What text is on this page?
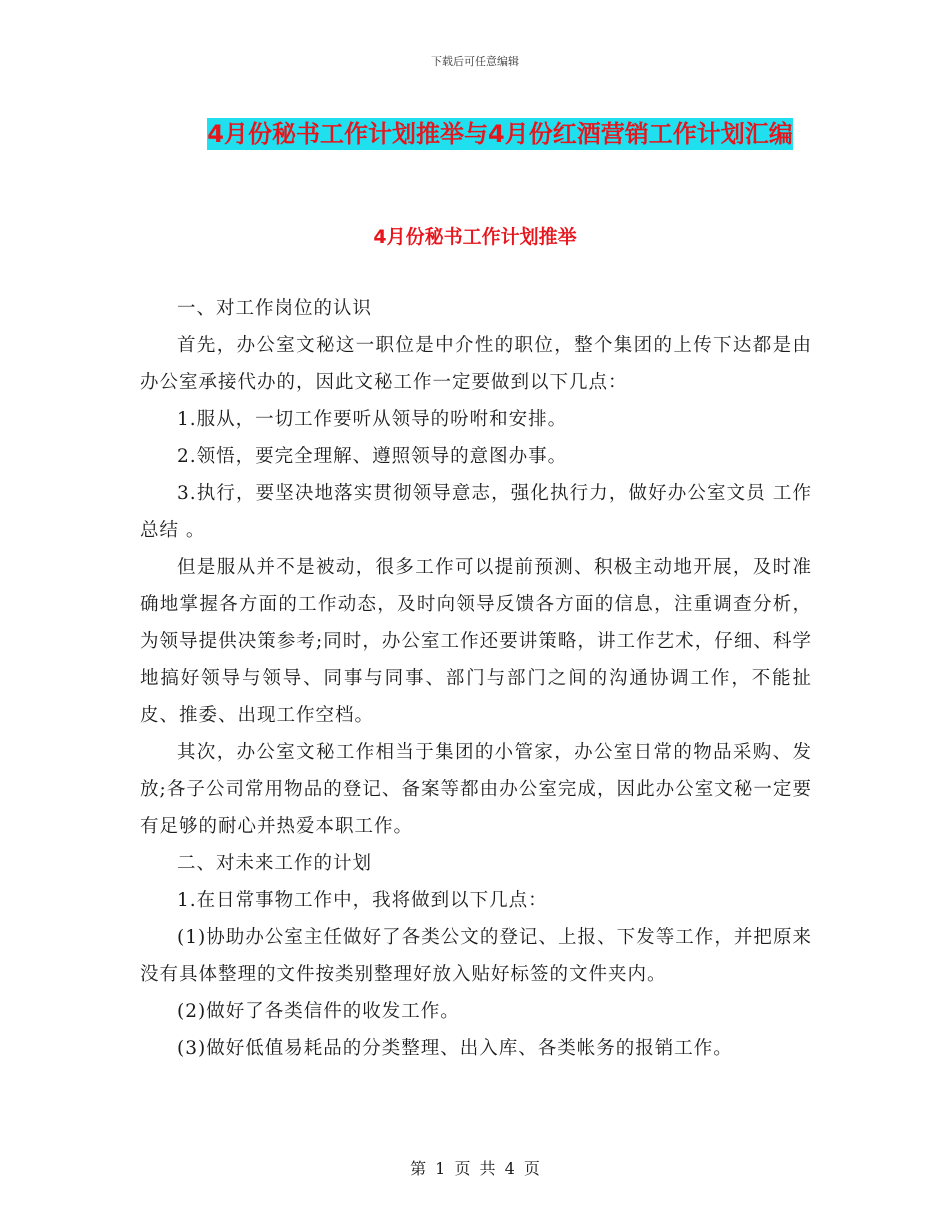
下载后可任意编辑
4月份秘书工作计划推举与4月份红酒营销工作计划汇编
4月份秘书工作计划推举

一、对工作岗位的认识

首先，办公室文秘这一职位是中介性的职位，整个集团的上传下达都是由办公室承接代办的，因此文秘工作一定要做到以下几点：

1.服从，一切工作要听从领导的吩咐和安排。

2.领悟，要完全理解、遵照领导的意图办事。

3.执行，要坚决地落实贯彻领导意志，强化执行力，做好办公室文员 工作总结 。

但是服从并不是被动，很多工作可以提前预测、积极主动地开展，及时准确地掌握各方面的工作动态，及时向领导反馈各方面的信息，注重调查分析，为领导提供决策参考;同时，办公室工作还要讲策略，讲工作艺术，仔细、科学地搞好领导与领导、同事与同事、部门与部门之间的沟通协调工作，不能扯皮、推委、出现工作空档。

其次，办公室文秘工作相当于集团的小管家，办公室日常的物品采购、发放;各子公司常用物品的登记、备案等都由办公室完成，因此办公室文秘一定要有足够的耐心并热爱本职工作。

二、对未来工作的计划

1.在日常事物工作中，我将做到以下几点：

(1)协助办公室主任做好了各类公文的登记、上报、下发等工作，并把原来没有具体整理的文件按类别整理好放入贴好标签的文件夹内。

(2)做好了各类信件的收发工作。

(3)做好低值易耗品的分类整理、出入库、各类帐务的报销工作。

第 1 页 共 4 页
